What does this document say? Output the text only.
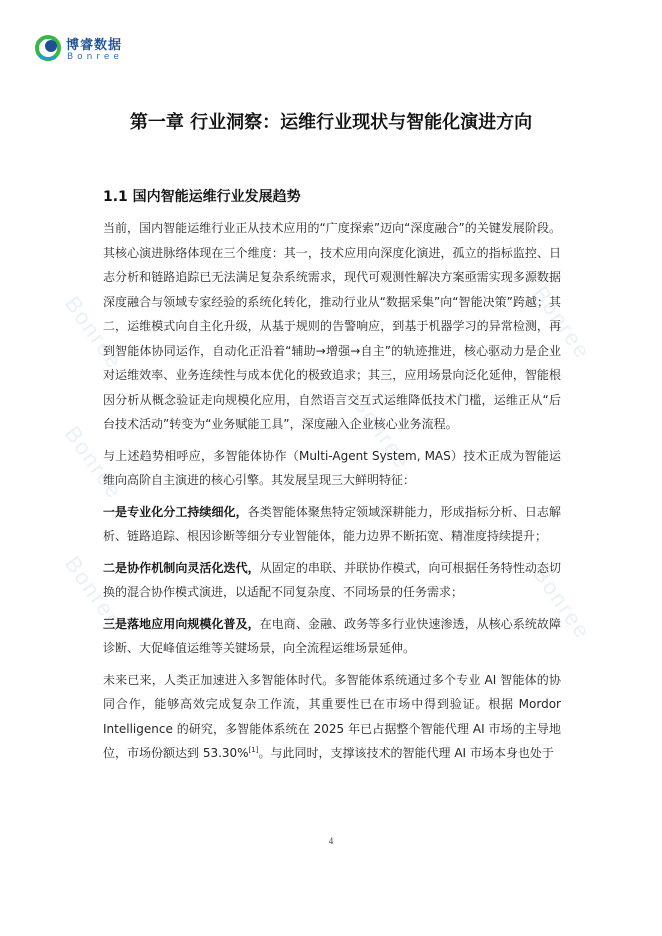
博睿数据
Bonree
Bonree
Bonree
Bonree
Bonree
Bonree
Bonree
第一章 行业洞察：运维行业现状与智能化演进方向
1.1 国内智能运维行业发展趋势

当前，国内智能运维行业正从技术应用的“广度探索”迈向“深度融合”的关键发展阶段。其核心演进脉络体现在三个维度：其一，技术应用向深度化演进，孤立的指标监控、日志分析和链路追踪已无法满足复杂系统需求，现代可观测性解决方案亟需实现多源数据深度融合与领域专家经验的系统化转化，推动行业从“数据采集”向“智能决策”跨越；其二，运维模式向自主化升级，从基于规则的告警响应，到基于机器学习的异常检测，再到智能体协同运作，自动化正沿着“辅助→增强→自主”的轨迹推进，核心驱动力是企业对运维效率、业务连续性与成本优化的极致追求；其三，应用场景向泛化延伸，智能根因分析从概念验证走向规模化应用，自然语言交互式运维降低技术门槛，运维正从“后台技术活动”转变为“业务赋能工具”，深度融入企业核心业务流程。

与上述趋势相呼应，多智能体协作（Multi-Agent System, MAS）技术正成为智能运维向高阶自主演进的核心引擎。其发展呈现三大鲜明特征：

一是专业化分工持续细化，各类智能体聚焦特定领域深耕能力，形成指标分析、日志解析、链路追踪、根因诊断等细分专业智能体，能力边界不断拓宽、精准度持续提升；

二是协作机制向灵活化迭代，从固定的串联、并联协作模式，向可根据任务特性动态切换的混合协作模式演进，以适配不同复杂度、不同场景的任务需求；

三是落地应用向规模化普及，在电商、金融、政务等多行业快速渗透，从核心系统故障诊断、大促峰值运维等关键场景，向全流程运维场景延伸。

未来已来，人类正加速进入多智能体时代。多智能体系统通过多个专业 AI 智能体的协同合作，能够高效完成复杂工作流，其重要性已在市场中得到验证。根据 Mordor Intelligence 的研究，多智能体系统在 2025 年已占据整个智能代理 AI 市场的主导地位，市场份额达到 53.30%[1]。与此同时，支撑该技术的智能代理 AI 市场本身也处于

4
